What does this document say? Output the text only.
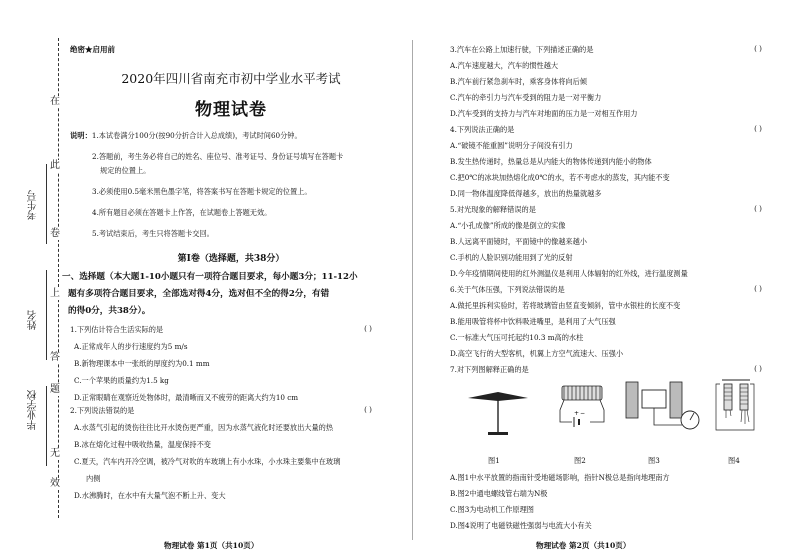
在
此
卷
上
答
题
无
效
考生号
姓名
毕业学校
绝密★启用前
2020年四川省南充市初中学业水平考试
物理试卷
说明：1.本试卷满分100分(按90分折合计入总成绩)，考试时间60分钟。
2.答题前，考生务必将自己的姓名、座位号、准考证号、身份证号填写在答题卡
规定的位置上。
3.必须使用0.5毫米黑色墨字笔，将答案书写在答题卡规定的位置上。
4.所有题目必须在答题卡上作答，在试题卷上答题无效。
5.考试结束后，考生只将答题卡交回。
第Ⅰ卷（选择题，共38分）
一、选择题（本大题1-10小题只有一项符合题目要求，每小题3分；11-12小
题有多项符合题目要求，全部选对得4分，选对但不全的得2分，有错
的得0分，共38分）。
1.下列估计符合生活实际的是	( )
A.正常成年人的步行速度约为5 m/s
B.新物理课本中一张纸的厚度约为0.1 mm
C.一个苹果的质量约为1.5 kg
D.正常眼睛在观察近处物体时，最清晰而又不疲劳的距离大约为10 cm
2.下列说法错误的是	( )
A.水蒸气引起的烫伤往往比开水烫伤更严重，因为水蒸气液化时还要放出大量的热
B.冰在熔化过程中吸收热量，温度保持不变
C.夏天，汽车内开冷空调，被冷气对吹的车玻璃上有小水珠，小水珠主要集中在玻璃
内侧
D.水沸腾时，在水中有大量气泡不断上升、变大
3.汽车在公路上加速行驶，下列描述正确的是	( )
A.汽车速度越大，汽车的惯性越大
B.汽车前行紧急刹车时，乘客身体将向后倾
C.汽车的牵引力与汽车受到的阻力是一对平衡力
D.汽车受到的支持力与汽车对地面的压力是一对相互作用力
4.下列说法正确的是	( )
A.“破镜不能重圆”说明分子间没有引力
B.发生热传递时，热量总是从内能大的物体传递到内能小的物体
C.把0℃的冰块加热熔化成0℃的水，若不考虑水的蒸发，其内能不变
D.同一物体温度降低得越多，放出的热量就越多
5.对光现象的解释错误的是	( )
A.“小孔成像”所成的像是倒立的实像
B.人远离平面镜时，平面镜中的像越来越小
C.手机的人脸识别功能用到了光的反射
D.今年疫情期间使用的红外测温仪是利用人体辐射的红外线，进行温度测量
6.关于气体压强，下列说法错误的是	( )
A.做托里拆利实验时，若将玻璃管由竖直变倾斜，管中水银柱的长度不变
B.能用吸管将杯中饮料吸进嘴里，是利用了大气压强
C.一标准大气压可托起约10.3 m高的水柱
D.高空飞行的大型客机，机翼上方空气流速大、压强小
7.对下列图解释正确的是	( )
+ −
图1	图2	图3	图4
A.图1中水平放置的指南针受地磁场影响，指针N极总是指向地理南方
B.图2中通电螺线管右端为N极
C.图3为电动机工作原理图
D.图4说明了电磁铁磁性强弱与电流大小有关
物理试卷 第1页（共10页）	物理试卷 第2页（共10页）
